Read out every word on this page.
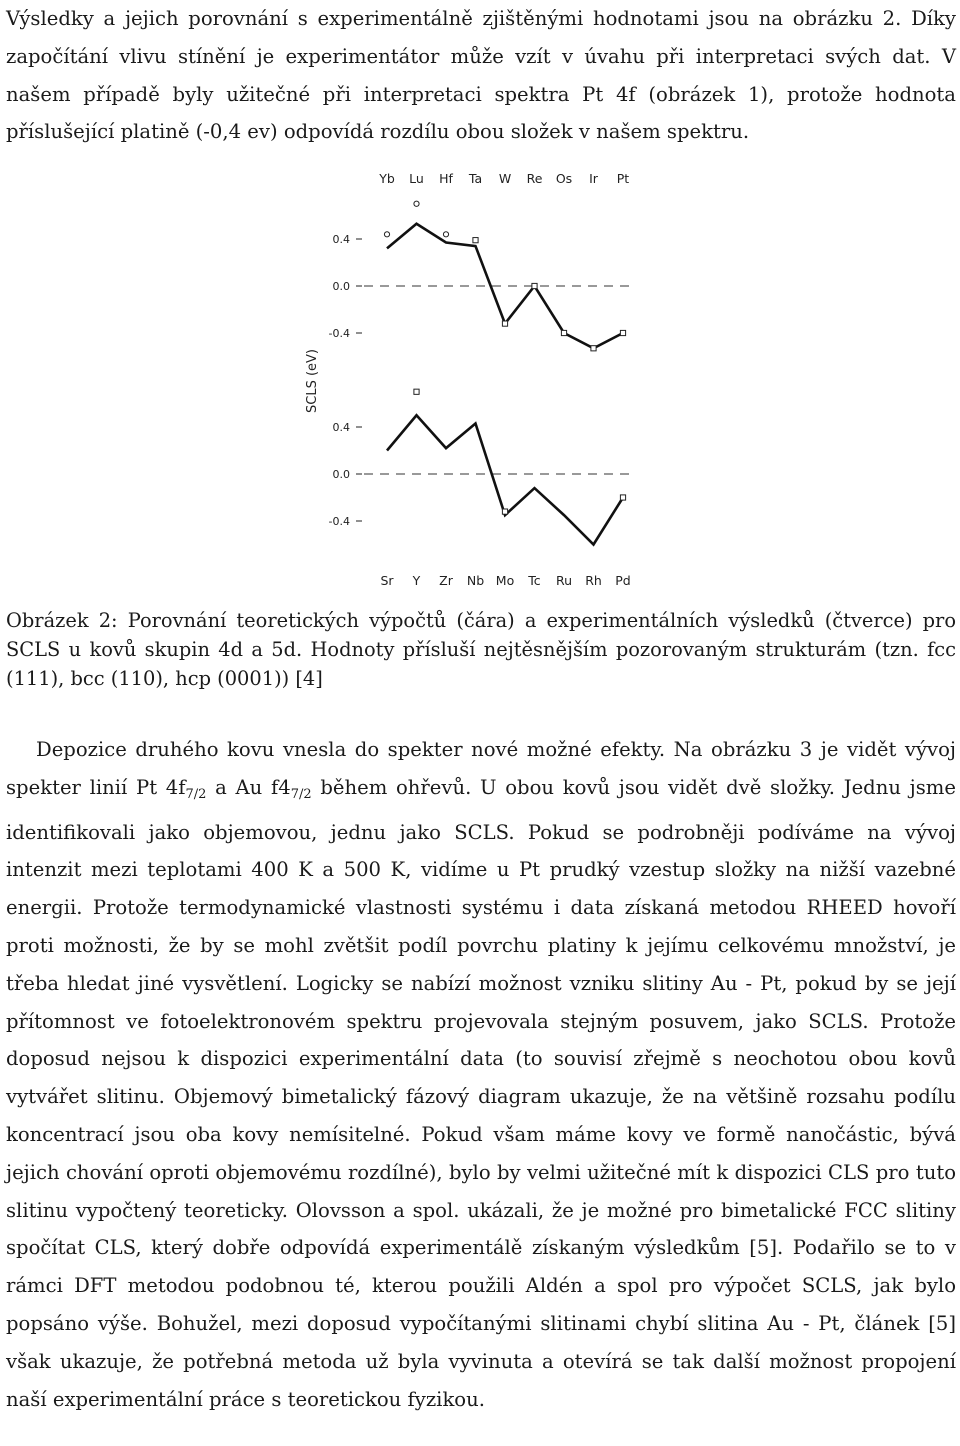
Výsledky a jejich porovnání s experimentálně zjištěnými hodnotami jsou na obrázku 2. Díky započítání vlivu stínění je experimentátor může vzít v úvahu při interpretaci svých dat. V našem případě byly užitečné při interpretaci spektra Pt 4f (obrázek 1), protože hodnota příslušející platině (-0,4 ev) odpovídá rozdílu obou složek v našem spektru.

0.4
0.0
-0.4
Yb Lu Hf Ta W Re Os Ir Pt
0.4
0.0
-0.4
Sr Y Zr Nb Mo Tc Ru Rh Pd
SCLS (eV)

Obrázek 2: Porovnání teoretických výpočtů (čára) a experimentálních výsledků (čtverce) pro SCLS u kovů skupin 4d a 5d. Hodnoty přísluší nejtěsnějším pozorovaným strukturám (tzn. fcc (111), bcc (110), hcp (0001)) [4]

Depozice druhého kovu vnesla do spekter nové možné efekty. Na obrázku 3 je vidět vývoj spekter linií Pt $4f_{7/2}$ a Au $f4_{7/2}$ během ohřevů. U obou kovů jsou vidět dvě složky. Jednu jsme identifikovali jako objemovou, jednu jako SCLS. Pokud se podrobněji podíváme na vývoj intenzit mezi teplotami 400 K a 500 K, vidíme u Pt prudký vzestup složky na nižší vazebné energii. Protože termodynamické vlastnosti systému i data získaná metodou RHEED hovoří proti možnosti, že by se mohl zvětšit podíl povrchu platiny k jejímu celkovému množství, je třeba hledat jiné vysvětlení. Logicky se nabízí možnost vzniku slitiny Au - Pt, pokud by se její přítomnost ve fotoelektronovém spektru projevovala stejným posuvem, jako SCLS. Protože doposud nejsou k dispozici experimentální data (to souvisí zřejmě s neochotou obou kovů vytvářet slitinu. Objemový bimetalický fázový diagram ukazuje, že na většině rozsahu podílu koncentrací jsou oba kovy nemísitelné. Pokud všam máme kovy ve formě nanočástic, bývá jejich chování oproti objemovému rozdílné), bylo by velmi užitečné mít k dispozici CLS pro tuto slitinu vypočtený teoreticky. Olovsson a spol. ukázali, že je možné pro bimetalické FCC slitiny spočítat CLS, který dobře odpovídá experimentálě získaným výsledkům [5]. Podařilo se to v rámci DFT metodou podobnou té, kterou použili Aldén a spol pro výpočet SCLS, jak bylo popsáno výše. Bohužel, mezi doposud vypočítanými slitinami chybí slitina Au - Pt, článek [5] však ukazuje, že potřebná metoda už byla vyvinuta a otevírá se tak další možnost propojení naší experimentální práce s teoretickou fyzikou.
